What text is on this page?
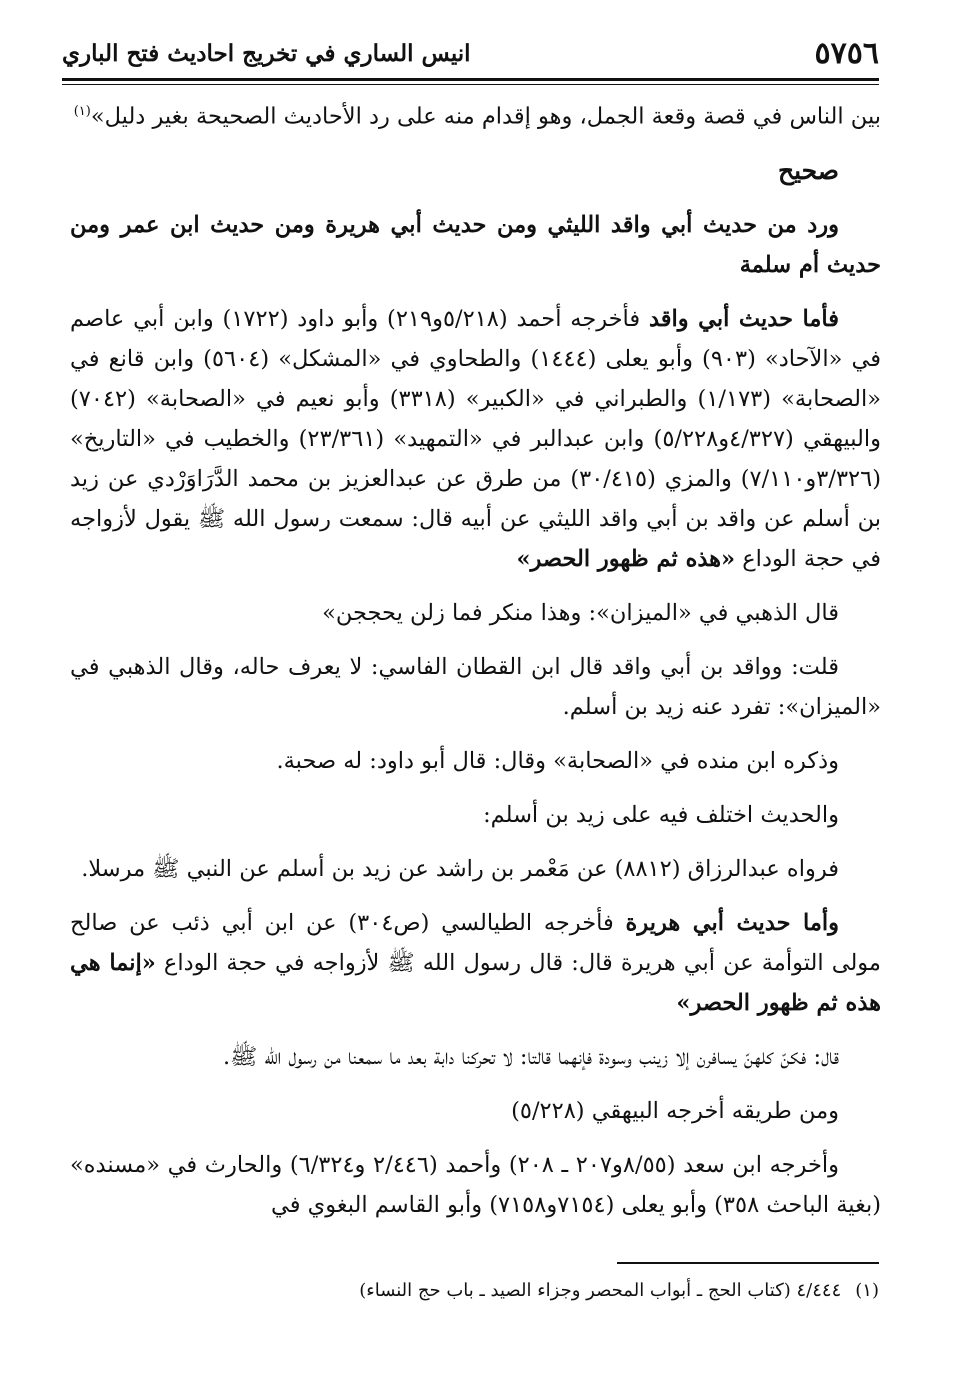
٥٧٥٦
انيس الساري في تخريج احاديث فتح الباري

بين الناس في قصة وقعة الجمل، وهو إقدام منه على رد الأحاديث الصحيحة بغير دليل»$^{(١)}$

صحيح

ورد من حديث أبي واقد الليثي ومن حديث أبي هريرة ومن حديث ابن عمر ومن حديث أم سلمة

فأما حديث أبي واقد فأخرجه أحمد (٥/٢١٨و٢١٩) وأبو داود (١٧٢٢) وابن أبي عاصم في «الآحاد» (٩٠٣) وأبو يعلى (١٤٤٤) والطحاوي في «المشكل» (٥٦٠٤) وابن قانع في «الصحابة» (١/١٧٣) والطبراني في «الكبير» (٣٣١٨) وأبو نعيم في «الصحابة» (٧٠٤٢) والبيهقي (٤/٣٢٧و٥/٢٢٨) وابن عبدالبر في «التمهيد» (٢٣/٣٦١) والخطيب في «التاريخ» (٣/٣٢٦و٧/١١٠) والمزي (٣٠/٤١٥) من طرق عن عبدالعزيز بن محمد الدَّرَاوَرْدي عن زيد بن أسلم عن واقد بن أبي واقد الليثي عن أبيه قال: سمعت رسول الله ﷺ يقول لأزواجه في حجة الوداع «هذه ثم ظهور الحصر»

قال الذهبي في «الميزان»: وهذا منكر فما زلن يحججن»

قلت: وواقد بن أبي واقد قال ابن القطان الفاسي: لا يعرف حاله، وقال الذهبي في «الميزان»: تفرد عنه زيد بن أسلم.

وذكره ابن منده في «الصحابة» وقال: قال أبو داود: له صحبة.

والحديث اختلف فيه على زيد بن أسلم:

فرواه عبدالرزاق (٨٨١٢) عن مَعْمر بن راشد عن زيد بن أسلم عن النبي ﷺ مرسلا.

وأما حديث أبي هريرة فأخرجه الطيالسي (ص٣٠٤) عن ابن أبي ذئب عن صالح مولى التوأمة عن أبي هريرة قال: قال رسول الله ﷺ لأزواجه في حجة الوداع «إنما هي هذه ثم ظهور الحصر»

قال: فكنّ كلهنّ يسافرن إلا زينب وسودة فإنهما قالتا: لا تحركنا دابة بعد ما سمعنا من رسول الله ﷺ.

ومن طريقه أخرجه البيهقي (٥/٢٢٨)

وأخرجه ابن سعد (٨/٥٥و٢٠٧ ـ ٢٠٨) وأحمد (٢/٤٤٦ و٦/٣٢٤) والحارث في «مسنده» (بغية الباحث ٣٥٨) وأبو يعلى (٧١٥٤و٧١٥٨) وأبو القاسم البغوي في

(١)٤/٤٤٤ (كتاب الحج ـ أبواب المحصر وجزاء الصيد ـ باب حج النساء)
